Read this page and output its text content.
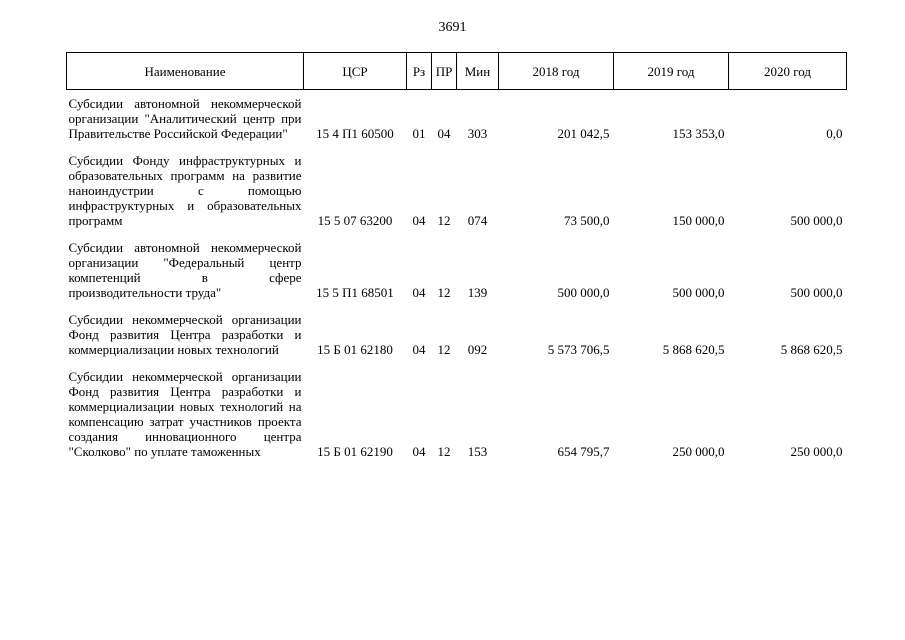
3691
Наименование	ЦСР	Рз	ПР	Мин	2018 год	2019 год	2020 год

Субсидии автономной некоммерческой организации "Аналитический центр при Правительстве Российской Федерации"	15 4 П1 60500	01	04	303	201 042,5	153 353,0	0,0

Субсидии Фонду инфраструктурных и образовательных программ на развитие наноиндустрии с помощью инфраструктурных и образовательных программ	15 5 07 63200	04	12	074	73 500,0	150 000,0	500 000,0

Субсидии автономной некоммерческой организации "Федеральный центр компетенций в сфере производительности труда"	15 5 П1 68501	04	12	139	500 000,0	500 000,0	500 000,0

Субсидии некоммерческой организации Фонд развития Центра разработки и коммерциализации новых технологий	15 Б 01 62180	04	12	092	5 573 706,5	5 868 620,5	5 868 620,5

Субсидии некоммерческой организации Фонд развития Центра разработки и коммерциализации новых технологий на компенсацию затрат участников проекта создания инновационного центра "Сколково" по уплате таможенных	15 Б 01 62190	04	12	153	654 795,7	250 000,0	250 000,0
